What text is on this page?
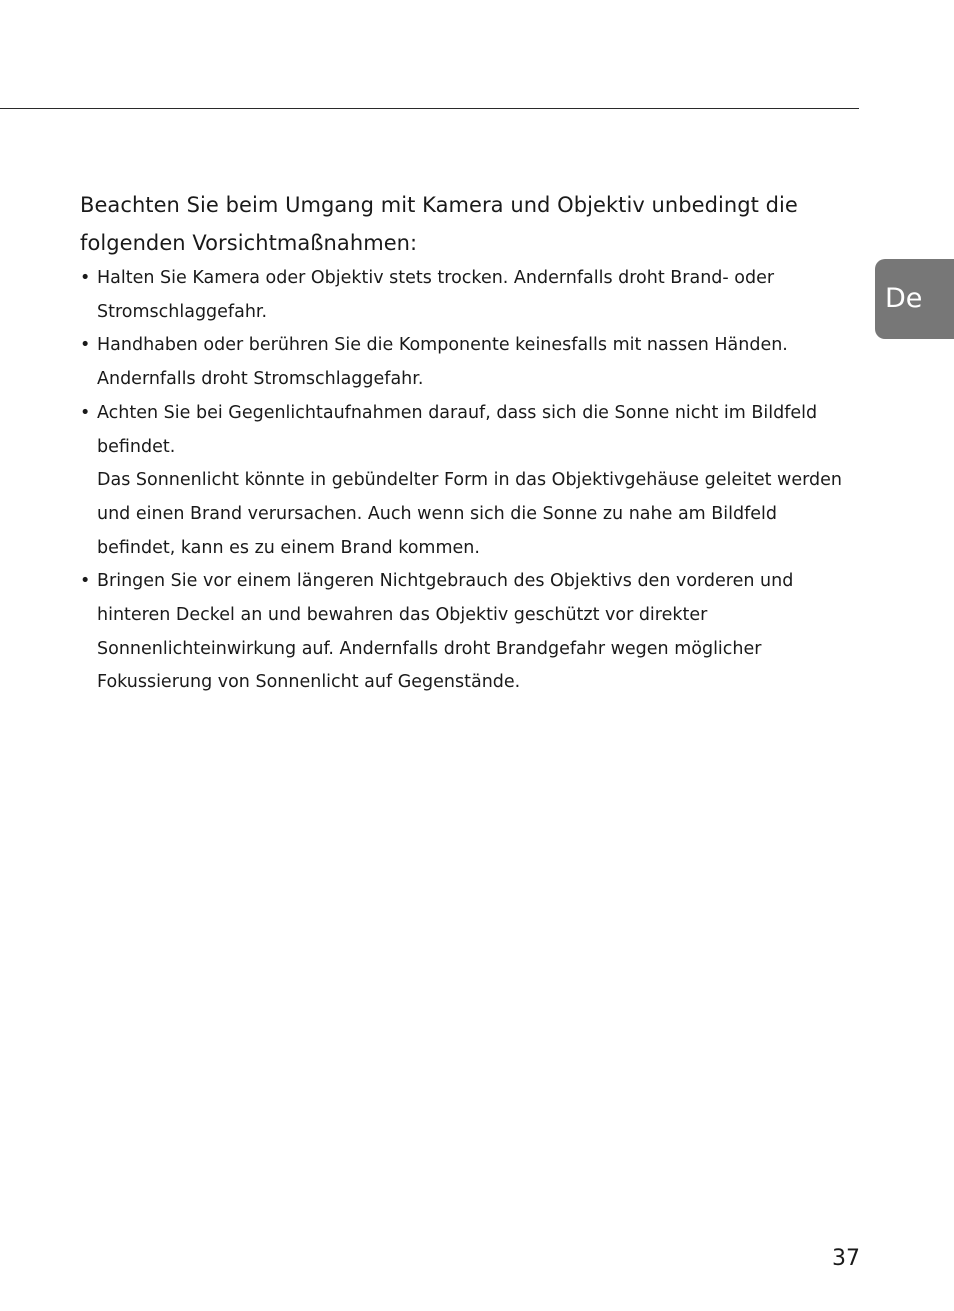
De
Beachten Sie beim Umgang mit Kamera und Objektiv unbedingt die folgenden Vorsichtmaßnahmen:
• Halten Sie Kamera oder Objektiv stets trocken. Andernfalls droht Brand- oder Stromschlaggefahr.
• Handhaben oder berühren Sie die Komponente keinesfalls mit nassen Händen. Andernfalls droht Stromschlaggefahr.
• Achten Sie bei Gegenlichtaufnahmen darauf, dass sich die Sonne nicht im Bildfeld befindet.
Das Sonnenlicht könnte in gebündelter Form in das Objektivgehäuse geleitet werden und einen Brand verursachen. Auch wenn sich die Sonne zu nahe am Bildfeld befindet, kann es zu einem Brand kommen.
• Bringen Sie vor einem längeren Nichtgebrauch des Objektivs den vorderen und hinteren Deckel an und bewahren das Objektiv geschützt vor direkter Sonnenlichteinwirkung auf. Andernfalls droht Brandgefahr wegen möglicher Fokussierung von Sonnenlicht auf Gegenstände.
37
